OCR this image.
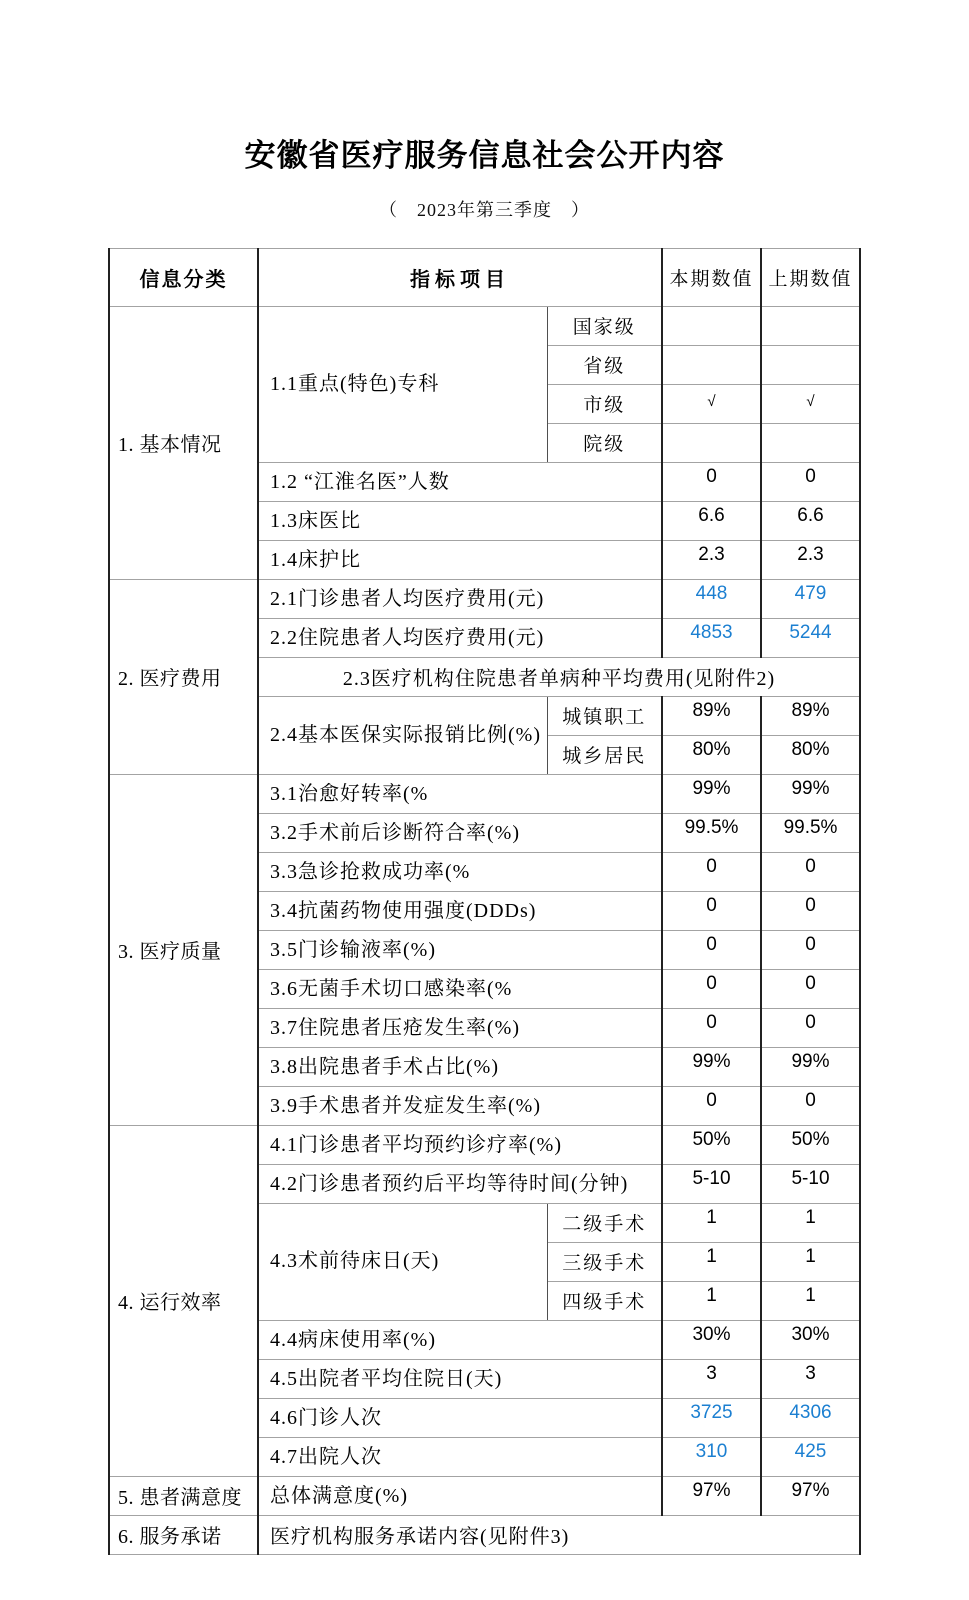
安徽省医疗服务信息社会公开内容
（　2023年第三季度　）
信息分类	指标项目		本期数值	上期数值
1. 基本情况	1.1重点(特色)专科	国家级		
		省级		
		市级	√	√
		院级		
	1.2 “江淮名医”人数		0	0
	1.3床医比		6.6	6.6
	1.4床护比		2.3	2.3
2. 医疗费用	2.1门诊患者人均医疗费用(元)		448	479
	2.2住院患者人均医疗费用(元)		4853	5244
	2.3医疗机构住院患者单病种平均费用(见附件2)			
	2.4基本医保实际报销比例(%)	城镇职工	89%	89%
		城乡居民	80%	80%
3. 医疗质量	3.1治愈好转率(%		99%	99%
	3.2手术前后诊断符合率(%)		99.5%	99.5%
	3.3急诊抢救成功率(%		0	0
	3.4抗菌药物使用强度(DDDs)		0	0
	3.5门诊输液率(%)		0	0
	3.6无菌手术切口感染率(%		0	0
	3.7住院患者压疮发生率(%)		0	0
	3.8出院患者手术占比(%)		99%	99%
	3.9手术患者并发症发生率(%)		0	0
4. 运行效率	4.1门诊患者平均预约诊疗率(%)		50%	50%
	4.2门诊患者预约后平均等待时间(分钟)		5-10	5-10
	4.3术前待床日(天)	二级手术	1	1
		三级手术	1	1
		四级手术	1	1
	4.4病床使用率(%)		30%	30%
	4.5出院者平均住院日(天)		3	3
	4.6门诊人次		3725	4306
	4.7出院人次		310	425
5. 患者满意度	总体满意度(%)		97%	97%
6. 服务承诺	医疗机构服务承诺内容(见附件3)			
